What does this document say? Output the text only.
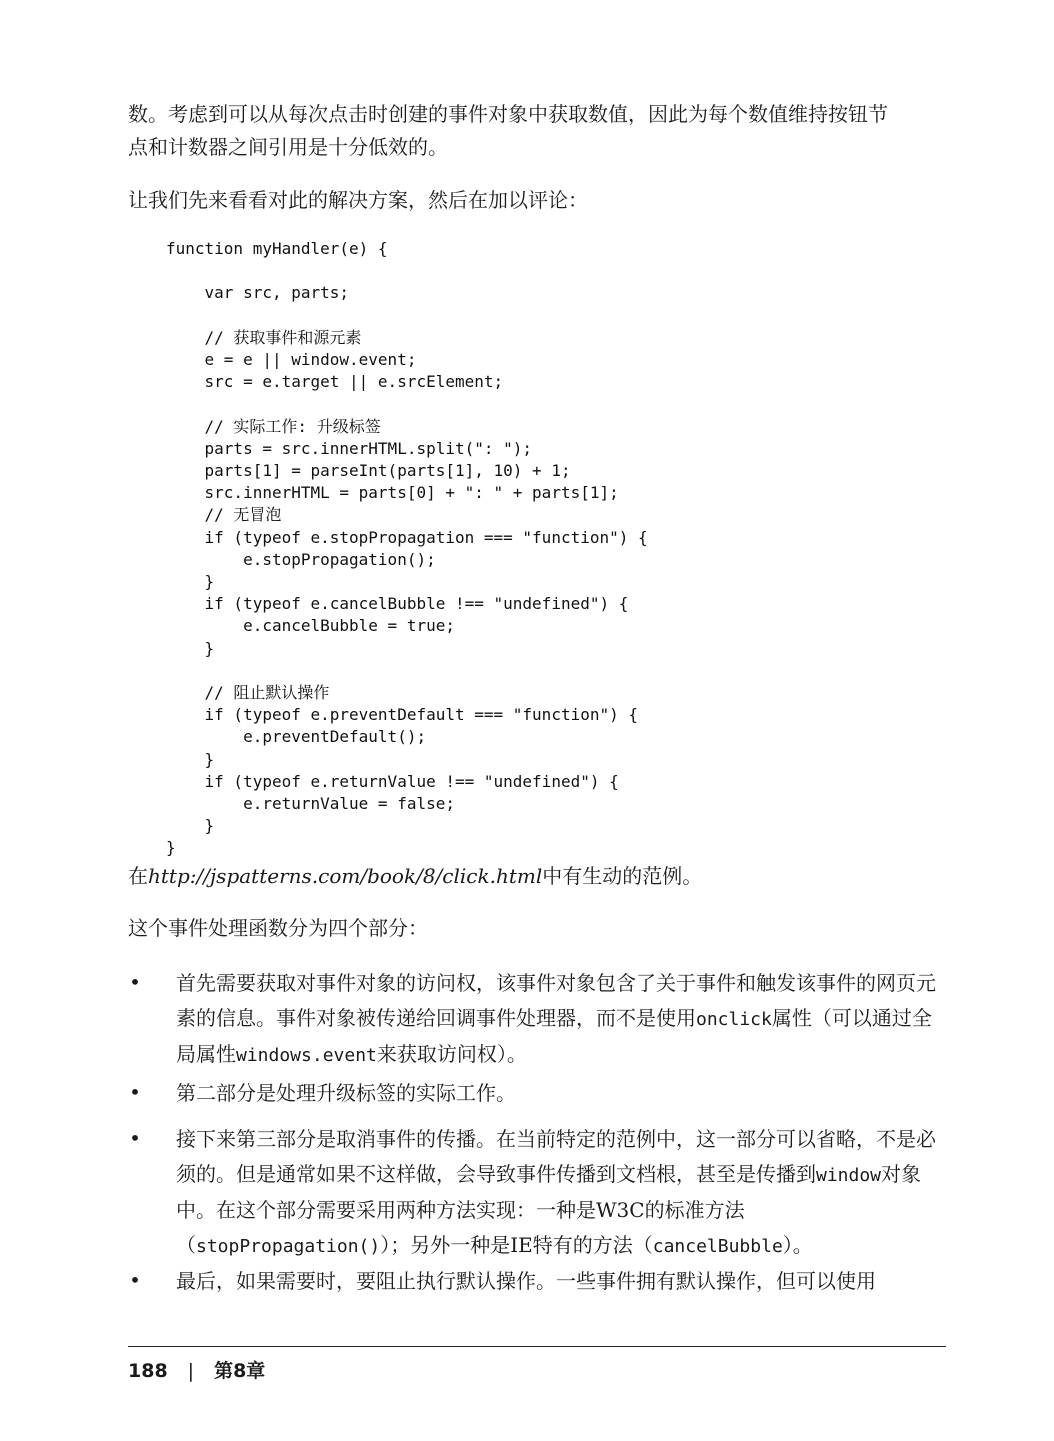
数。考虑到可以从每次点击时创建的事件对象中获取数值，因此为每个数值维持按钮节
点和计数器之间引用是十分低效的。

让我们先来看看对此的解决方案，然后在加以评论：

function myHandler(e) {

var src, parts;

// 获取事件和源元素
e = e || window.event;
src = e.target || e.srcElement;

// 实际工作: 升级标签
parts = src.innerHTML.split(": ");
parts[1] = parseInt(parts[1], 10) + 1;
src.innerHTML = parts[0] + ": " + parts[1];
// 无冒泡
if (typeof e.stopPropagation === "function") {
e.stopPropagation();
}
if (typeof e.cancelBubble !== "undefined") {
e.cancelBubble = true;
}

// 阻止默认操作
if (typeof e.preventDefault === "function") {
e.preventDefault();
}
if (typeof e.returnValue !== "undefined") {
e.returnValue = false;
}
}

在http://jspatterns.com/book/8/click.html中有生动的范例。

这个事件处理函数分为四个部分：

• 首先需要获取对事件对象的访问权，该事件对象包含了关于事件和触发该事件的网页元素的信息。事件对象被传递给回调事件处理器，而不是使用onclick属性（可以通过全局属性windows.event来获取访问权）。

• 第二部分是处理升级标签的实际工作。

• 接下来第三部分是取消事件的传播。在当前特定的范例中，这一部分可以省略，不是必须的。但是通常如果不这样做，会导致事件传播到文档根，甚至是传播到window对象中。在这个部分需要采用两种方法实现：一种是W3C的标准方法（stopPropagation()）；另外一种是IE特有的方法（cancelBubble）。

• 最后，如果需要时，要阻止执行默认操作。一些事件拥有默认操作，但可以使用

188 | 第8章
